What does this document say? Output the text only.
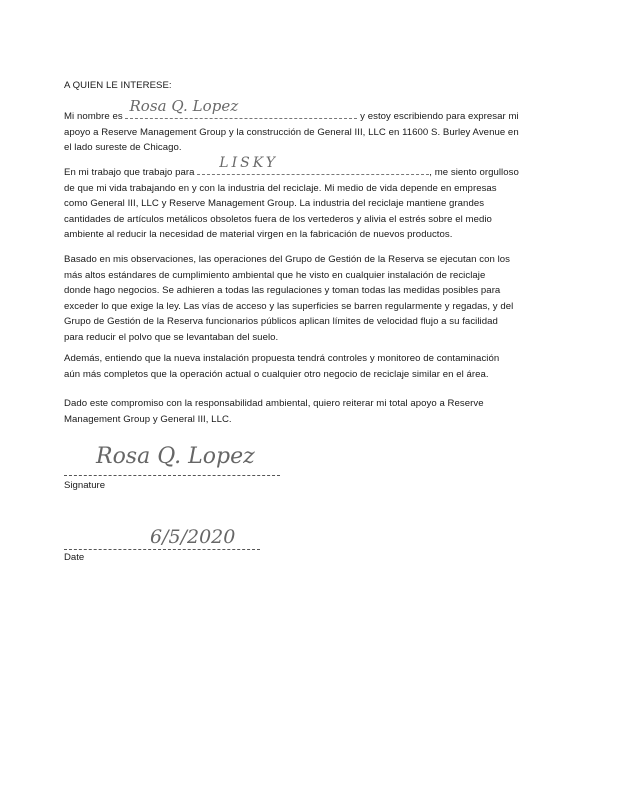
A QUIEN LE INTERESE:
Mi nombre es
Rosa Q. Lopez
y estoy escribiendo para expresar mi
apoyo a Reserve Management Group y la construcción de General III, LLC en 11600 S. Burley Avenue en
el lado sureste de Chicago.
En mi trabajo que trabajo para
LISKY
, me siento orgulloso
de que mi vida trabajando en y con la industria del reciclaje. Mi medio de vida depende en empresas
como General III, LLC y Reserve Management Group. La industria del reciclaje mantiene grandes
cantidades de artículos metálicos obsoletos fuera de los vertederos y alivia el estrés sobre el medio
ambiente al reducir la necesidad de material virgen en la fabricación de nuevos productos.
Basado en mis observaciones, las operaciones del Grupo de Gestión de la Reserva se ejecutan con los
más altos estándares de cumplimiento ambiental que he visto en cualquier instalación de reciclaje
donde hago negocios. Se adhieren a todas las regulaciones y toman todas las medidas posibles para
exceder lo que exige la ley. Las vías de acceso y las superficies se barren regularmente y regadas, y del
Grupo de Gestión de la Reserva funcionarios públicos aplican límites de velocidad flujo a su facilidad
para reducir el polvo que se levantaban del suelo.
Además, entiendo que la nueva instalación propuesta tendrá controles y monitoreo de contaminación
aún más completos que la operación actual o cualquier otro negocio de reciclaje similar en el área.
Dado este compromiso con la responsabilidad ambiental, quiero reiterar mi total apoyo a Reserve
Management Group y General III, LLC.
Rosa Q. Lopez
Signature
6/5/2020
Date
